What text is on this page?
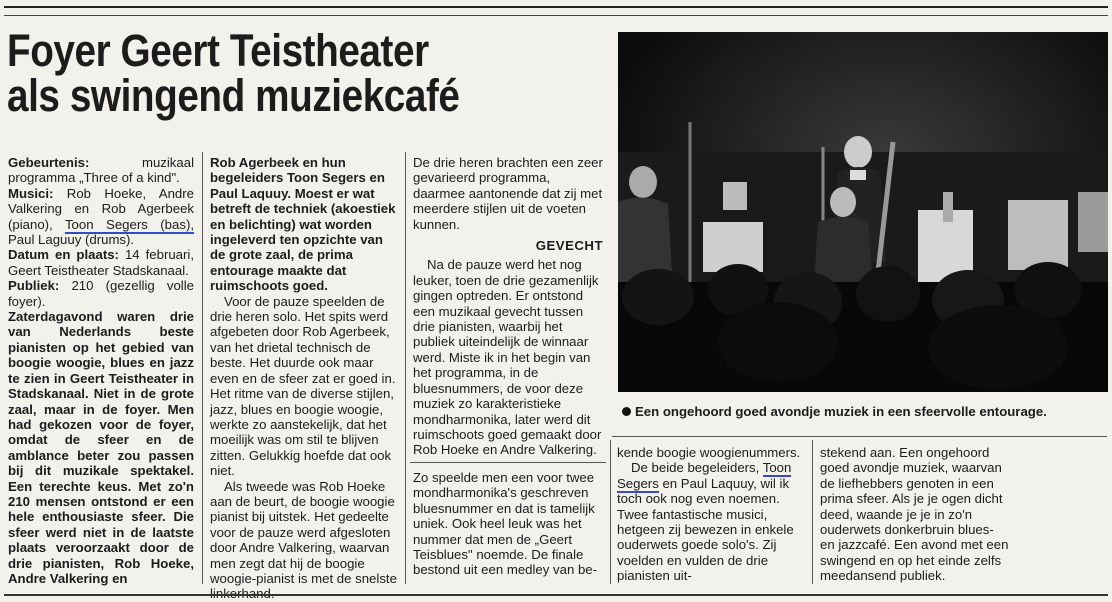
Foyer Geert Teistheater
als swingend muziekcafé

Gebeurtenis: muzikaal programma „Three of a kind".

Musici: Rob Hoeke, Andre Valkering en Rob Agerbeek (piano), Toon Segers (bas), Paul Laguuy (drums).

Datum en plaats: 14 februari, Geert Teistheater Stadskanaal.

Publiek: 210 (gezellig volle foyer).

Zaterdagavond waren drie van Nederlands beste pianisten op het gebied van boogie woogie, blues en jazz te zien in Geert Teistheater in Stadskanaal. Niet in de grote zaal, maar in de foyer. Men had gekozen voor de foyer, omdat de sfeer en de amblance beter zou passen bij dit muzikale spektakel. Een terechte keus. Met zo'n 210 mensen ontstond er een hele enthousiaste sfeer. Die sfeer werd niet in de laatste plaats veroorzaakt door de drie pianisten, Rob Hoeke, Andre Valkering en

Rob Agerbeek en hun begeleiders Toon Segers en Paul Laquuy. Moest er wat betreft de techniek (akoestiek en belichting) wat worden ingeleverd ten opzichte van de grote zaal, de prima entourage maakte dat ruimschoots goed.

Voor de pauze speelden de drie heren solo. Het spits werd afgebeten door Rob Agerbeek, van het drietal technisch de beste. Het duurde ook maar even en de sfeer zat er goed in. Het ritme van de diverse stijlen, jazz, blues en boogie woogie, werkte zo aanstekelijk, dat het moeilijk was om stil te blijven zitten. Gelukkig hoefde dat ook niet.

Als tweede was Rob Hoeke aan de beurt, de boogie woogie pianist bij uitstek. Het gedeelte voor de pauze werd afgesloten door Andre Valkering, waarvan men zegt dat hij de boogie woogie-pianist is met de snelste

De drie heren brachten een zeer gevarieerd programma, daarmee aantonende dat zij met meerdere stijlen uit de voeten kunnen.

GEVECHT

Na de pauze werd het nog leuker, toen de drie gezamenlijk gingen optreden. Er ontstond een muzikaal gevecht tussen drie pianisten, waarbij het publiek uiteindelijk de winnaar werd. Miste ik in het begin van het programma, in de bluesnummers, de voor deze muziek zo karakteristieke mondharmonika, later werd dit ruimschoots goed gemaakt door Rob Hoeke en Andre Valkering.

Zo speelde men een voor twee mondharmonika's geschreven bluesnummer en dat is tamelijk uniek. Ook heel leuk was het nummer dat men de „Geert Teisblues" noemde. De finale bestond uit een medley van be-

Een ongehoord goed avondje muziek in een sfeervolle entourage.

kende boogie woogienummers.

De beide begeleiders, Toon Segers en Paul Laquuy, wil ik toch ook nog even noemen. Twee fantastische musici, hetgeen zij bewezen in enkele ouderwets goede solo's. Zij voelden en vulden de drie pianisten uit-

stekend aan. Een ongehoord goed avondje muziek, waarvan de liefhebbers genoten in een prima sfeer. Als je je ogen dicht deed, waande je je in zo'n ouderwets donkerbruin blues- en jazzcafé. Een avond met een swingend en op het einde zelfs meedansend publiek.
